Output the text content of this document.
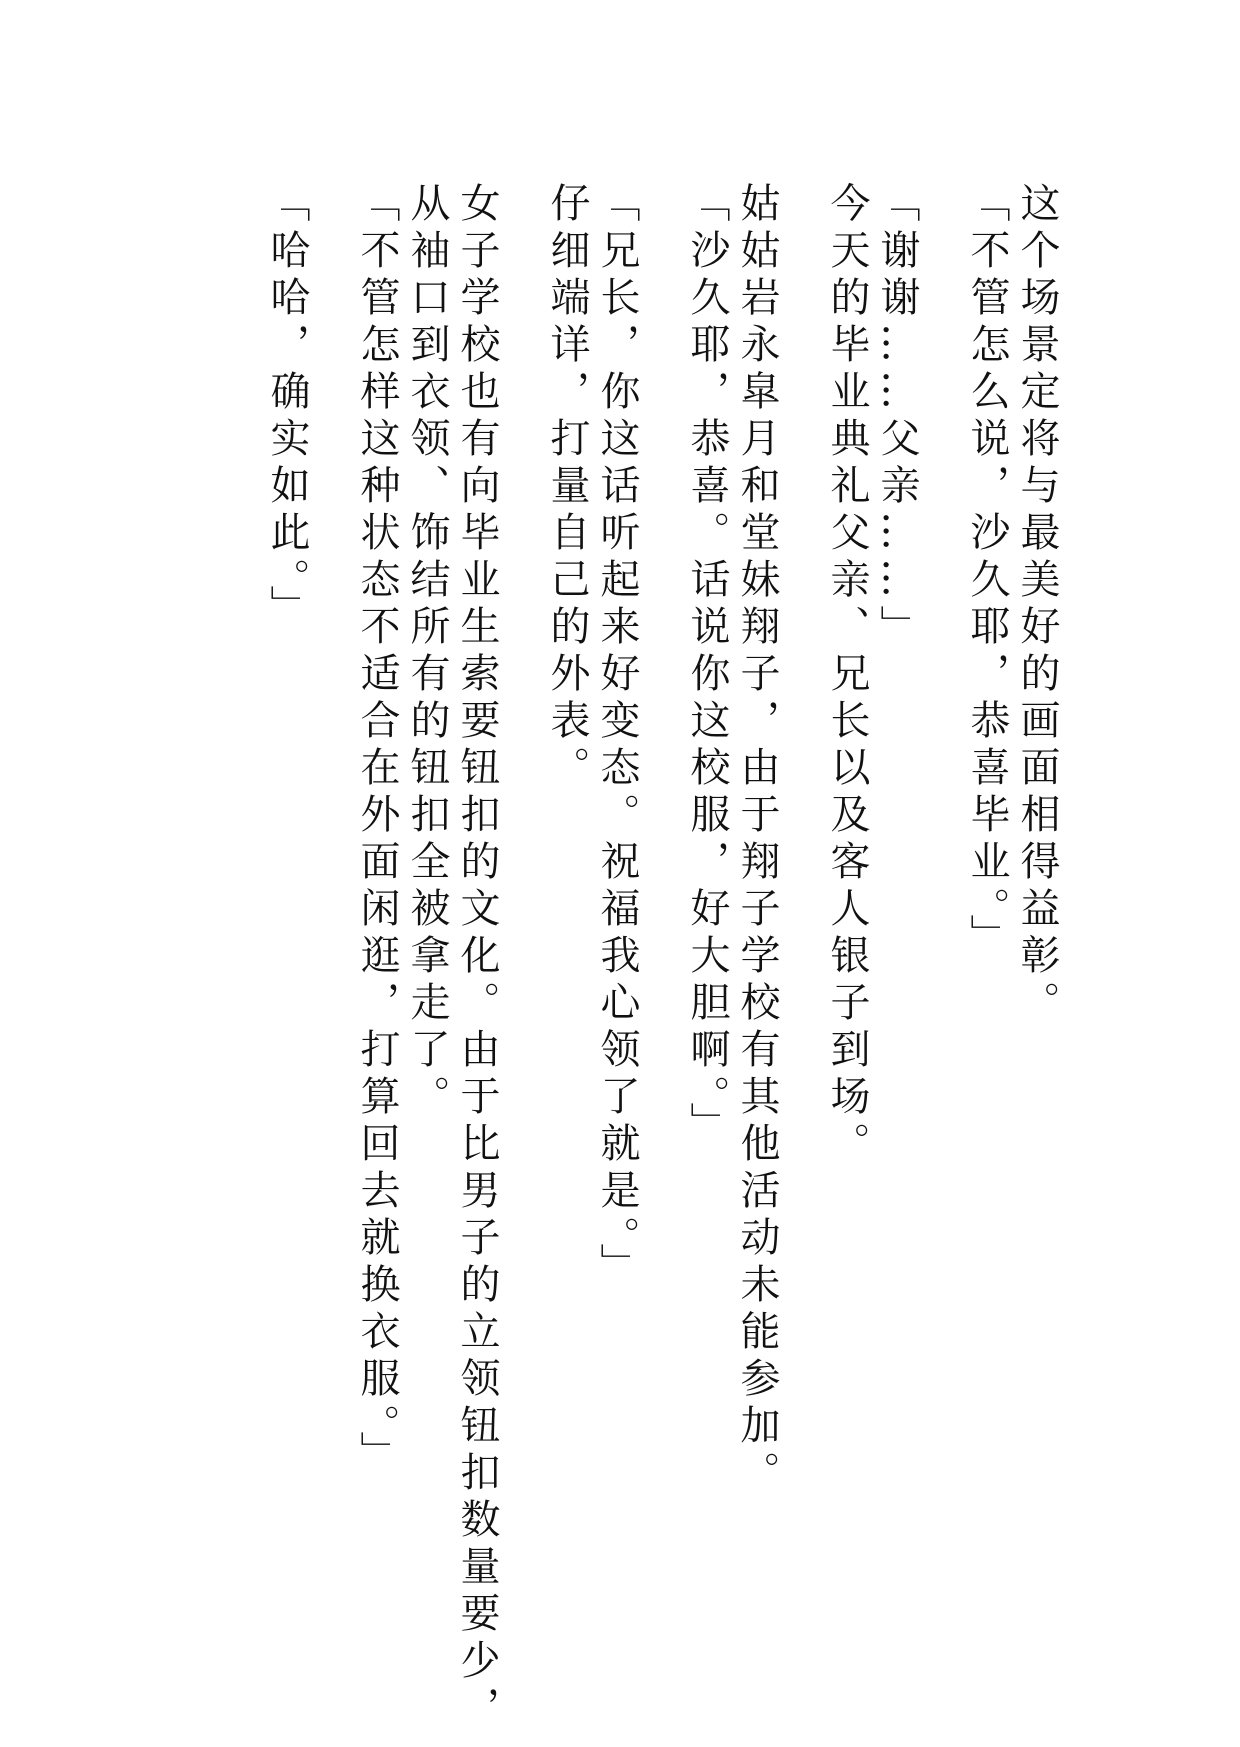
这个场景定将与最美好的画面相得益彰。

「不管怎么说，沙久耶，恭喜毕业。」

「谢谢……父亲……」

今天的毕业典礼父亲、兄长以及客人银子到场。

姑姑岩永皐月和堂妹翔子，由于翔子学校有其他活动未能参加。

「沙久耶，恭喜。话说你这校服，好大胆啊。」

「兄长，你这话听起来好变态。祝福我心领了就是。」

仔细端详，打量自己的外表。

女子学校也有向毕业生索要钮扣的文化。由于比男子的立领钮扣数量要少，

从袖口到衣领、饰结所有的钮扣全被拿走了。

「不管怎样这种状态不适合在外面闲逛，打算回去就换衣服。」

「哈哈，确实如此。」
